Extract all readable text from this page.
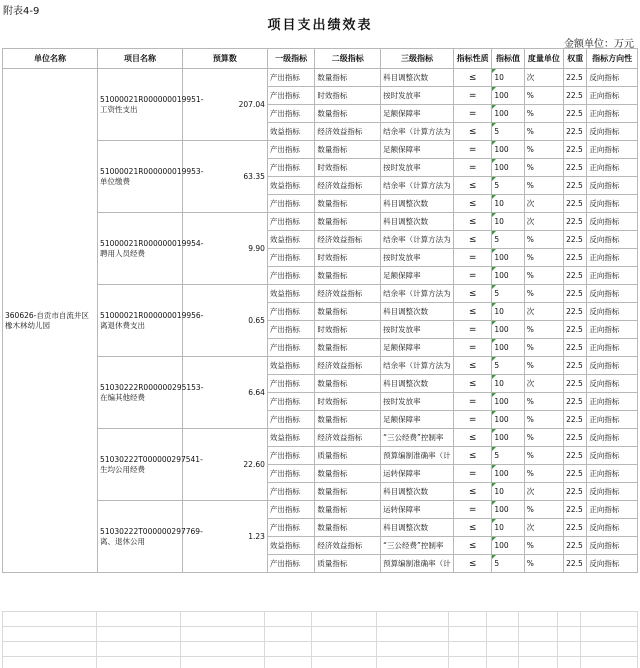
附表4-9
项目支出绩效表
金额单位：万元
单位名称	项目名称	预算数	一级指标	二级指标	三级指标	指标性质	指标值	度量单位	权重	指标方向性
360626-自贡市自流井区橡木林幼儿园	51000021R000000019951-工资性支出	207.04	产出指标	数量指标	科目调整次数	≤	10	次	22.5	反向指标
			产出指标	时效指标	按时发放率	=	100	%	22.5	正向指标
			产出指标	数量指标	足额保障率	=	100	%	22.5	正向指标
			效益指标	经济效益指标	结余率（计算方法为	≤	5	%	22.5	反向指标
	51000021R000000019953-单位缴费	63.35	产出指标	数量指标	足额保障率	=	100	%	22.5	正向指标
			产出指标	时效指标	按时发放率	=	100	%	22.5	正向指标
			效益指标	经济效益指标	结余率（计算方法为	≤	5	%	22.5	反向指标
			产出指标	数量指标	科目调整次数	≤	10	次	22.5	反向指标
	51000021R000000019954-聘用人员经费	9.90	产出指标	数量指标	科目调整次数	≤	10	次	22.5	反向指标
			效益指标	经济效益指标	结余率（计算方法为	≤	5	%	22.5	反向指标
			产出指标	时效指标	按时发放率	=	100	%	22.5	正向指标
			产出指标	数量指标	足额保障率	=	100	%	22.5	正向指标
	51000021R000000019956-离退休费支出	0.65	效益指标	经济效益指标	结余率（计算方法为	≤	5	%	22.5	反向指标
			产出指标	数量指标	科目调整次数	≤	10	次	22.5	反向指标
			产出指标	时效指标	按时发放率	=	100	%	22.5	正向指标
			产出指标	数量指标	足额保障率	=	100	%	22.5	正向指标
	51030222R000000295153-在编其他经费	6.64	效益指标	经济效益指标	结余率（计算方法为	≤	5	%	22.5	反向指标
			产出指标	数量指标	科目调整次数	≤	10	次	22.5	反向指标
			产出指标	时效指标	按时发放率	=	100	%	22.5	正向指标
			产出指标	数量指标	足额保障率	=	100	%	22.5	正向指标
	51030222T000000297541-生均公用经费	22.60	效益指标	经济效益指标	“三公经费”控制率	≤	100	%	22.5	反向指标
			产出指标	质量指标	预算编制准确率（计	≤	5	%	22.5	反向指标
			产出指标	数量指标	运转保障率	=	100	%	22.5	正向指标
			产出指标	数量指标	科目调整次数	≤	10	次	22.5	反向指标
	51030222T000000297769-离、退休公用	1.23	产出指标	数量指标	运转保障率	=	100	%	22.5	正向指标
			产出指标	数量指标	科目调整次数	≤	10	次	22.5	反向指标
			效益指标	经济效益指标	“三公经费”控制率	≤	100	%	22.5	反向指标
			产出指标	质量指标	预算编制准确率（计	≤	5	%	22.5	反向指标
